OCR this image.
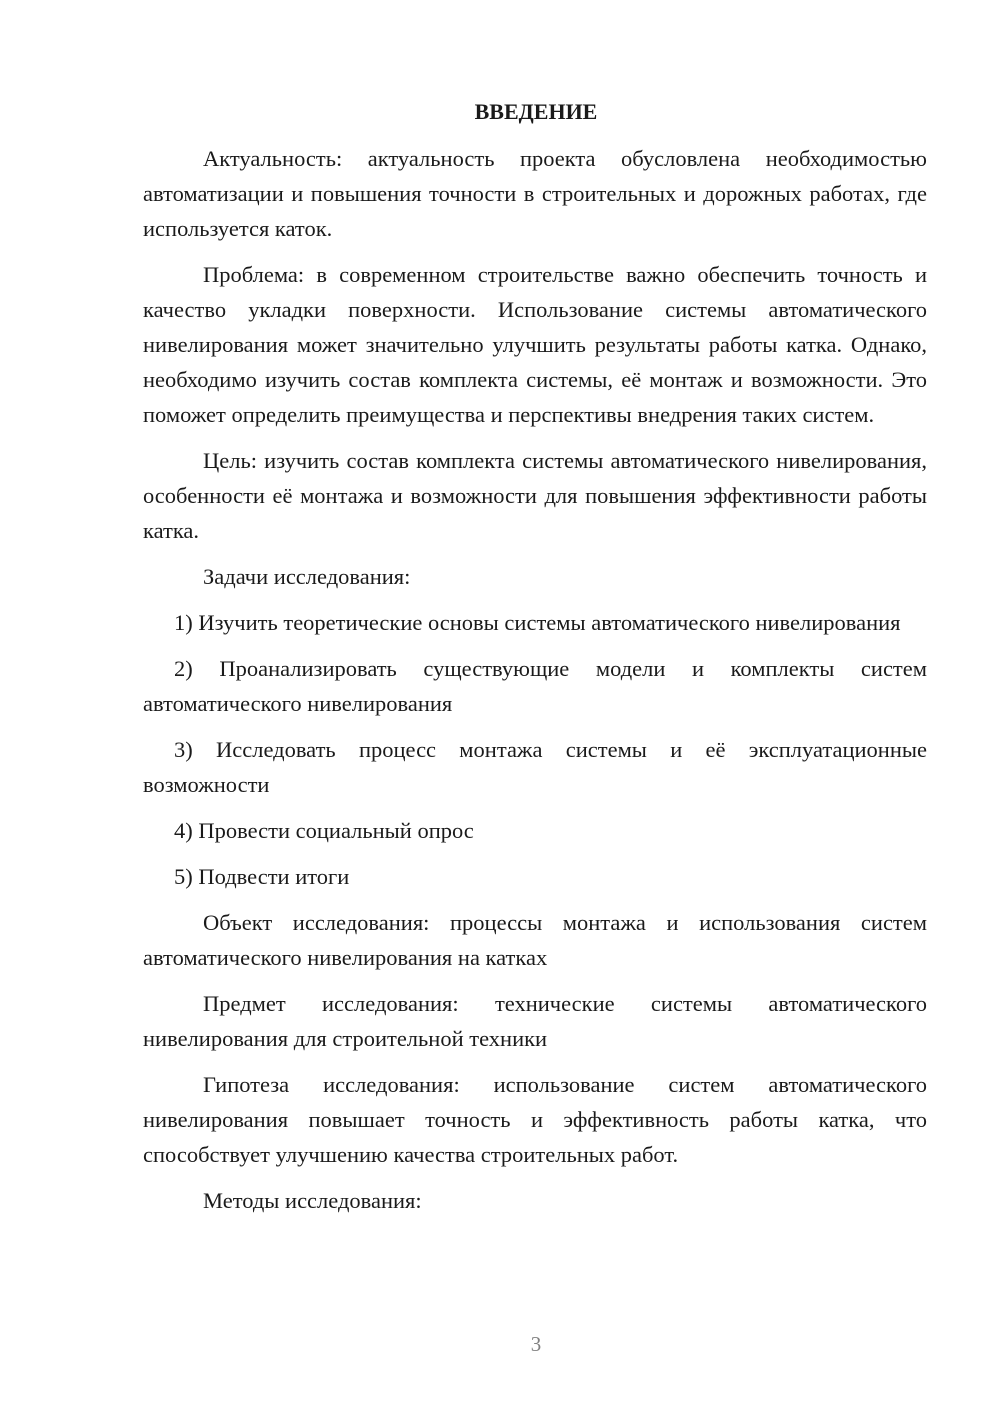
ВВЕДЕНИЕ

Актуальность: актуальность проекта обусловлена необходимостью автоматизации и повышения точности в строительных и дорожных работах, где используется каток.

Проблема: в современном строительстве важно обеспечить точность и качество укладки поверхности. Использование системы автоматического нивелирования может значительно улучшить результаты работы катка. Однако, необходимо изучить состав комплекта системы, её монтаж и возможности. Это поможет определить преимущества и перспективы внедрения таких систем.

Цель: изучить состав комплекта системы автоматического нивелирования, особенности её монтажа и возможности для повышения эффективности работы катка.

Задачи исследования:

1) Изучить теоретические основы системы автоматического нивелирования

2) Проанализировать существующие модели и комплекты систем автоматического нивелирования

3) Исследовать процесс монтажа системы и её эксплуатационные возможности

4) Провести социальный опрос

5) Подвести итоги

Объект исследования: процессы монтажа и использования систем автоматического нивелирования на катках

Предмет исследования: технические системы автоматического нивелирования для строительной техники

Гипотеза исследования: использование систем автоматического нивелирования повышает точность и эффективность работы катка, что способствует улучшению качества строительных работ.

Методы исследования:

3
